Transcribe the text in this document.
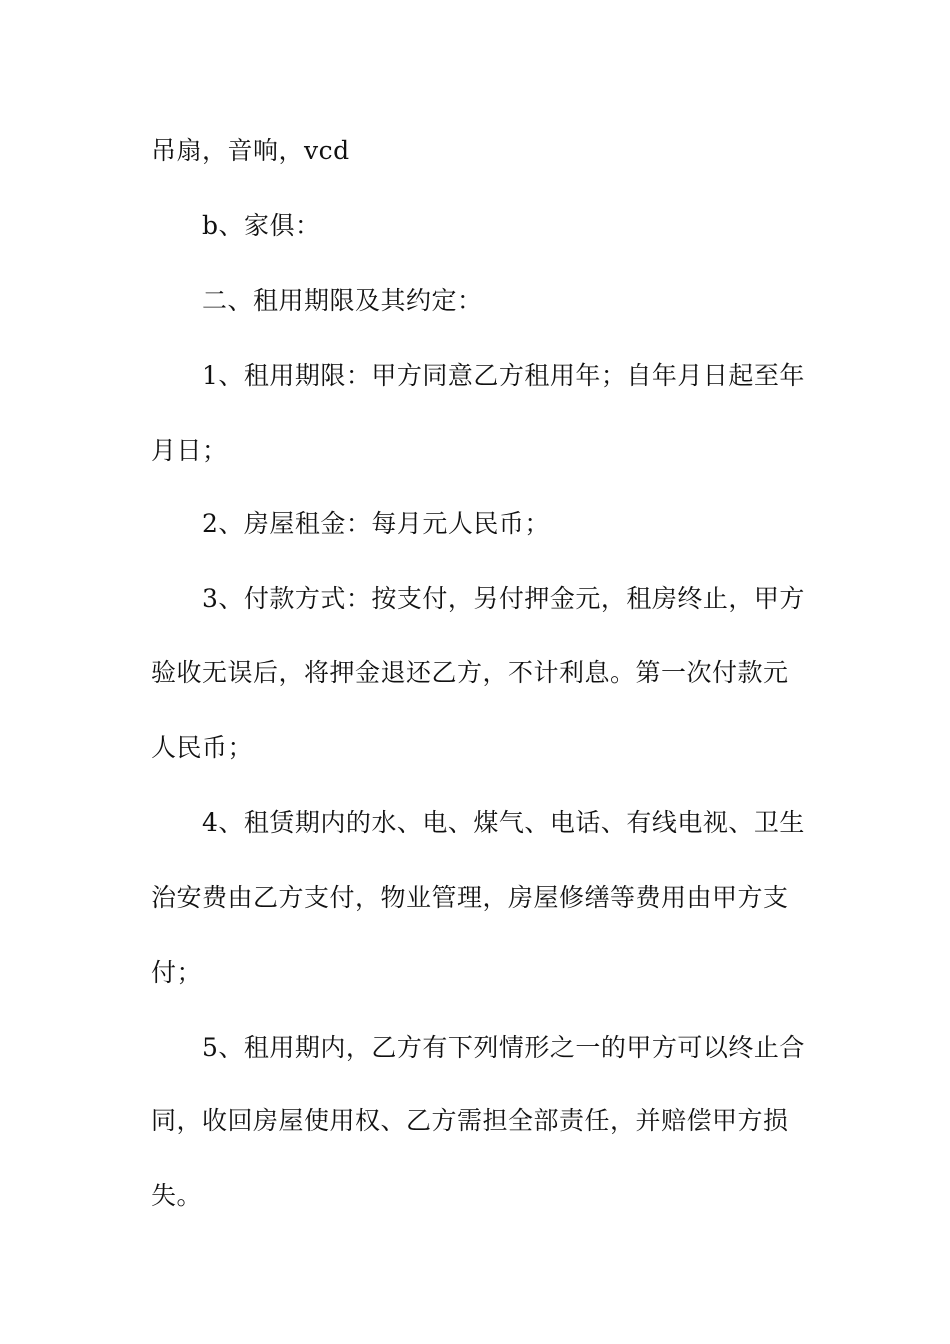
吊扇，音响，vcd
b、家俱：
二、租用期限及其约定：
1、租用期限：甲方同意乙方租用年；自年月日起至年
月日；
2、房屋租金：每月元人民币；
3、付款方式：按支付，另付押金元，租房终止，甲方
验收无误后，将押金退还乙方，不计利息。第一次付款元
人民币；
4、租赁期内的水、电、煤气、电话、有线电视、卫生
治安费由乙方支付，物业管理，房屋修缮等费用由甲方支
付；
5、租用期内，乙方有下列情形之一的甲方可以终止合
同，收回房屋使用权、乙方需担全部责任，并赔偿甲方损
失。
